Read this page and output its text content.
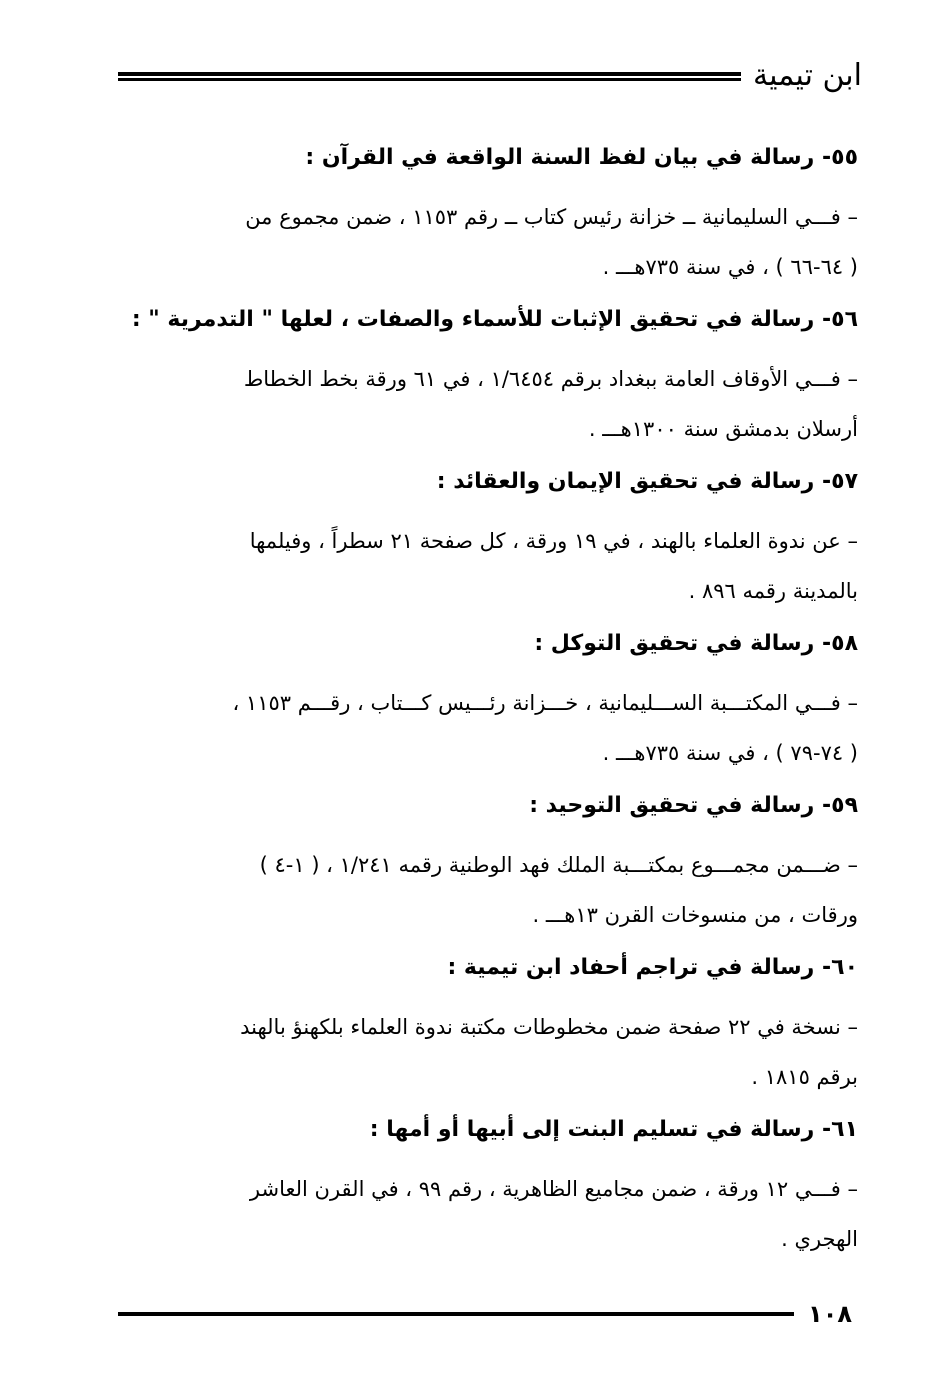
ابن تيمية
٥٥- رسالة في بيان لفظ السنة الواقعة في القرآن :

– فـــي السليمانية ــ خزانة رئيس كتاب ــ رقم ١١٥٣ ، ضمن مجموع من

( ٦٤-٦٦ ) ، في سنة ٧٣٥هـــ .

٥٦- رسالة في تحقيق الإثبات للأسماء والصفات ، لعلها " التدمرية " :

– فـــي الأوقاف العامة ببغداد برقم ١/٦٤٥٤ ، في ٦١ ورقة بخط الخطاط

أرسلان بدمشق سنة ١٣٠٠هـــ .

٥٧- رسالة في تحقيق الإيمان والعقائد :

– عن ندوة العلماء بالهند ، في ١٩ ورقة ، كل صفحة ٢١ سطراً ، وفيلمها

بالمدينة رقمه ٨٩٦ .

٥٨- رسالة في تحقيق التوكل :

– فـــي المكتـــبة الســـليمانية ، خـــزانة رئـــيس كـــتاب ، رقـــم ١١٥٣ ،

( ٧٤-٧٩ ) ، في سنة ٧٣٥هـــ .

٥٩- رسالة في تحقيق التوحيد :

– ضـــمن مجمـــوع بمكتـــبة الملك فهد الوطنية رقمه ١/٢٤١ ، ( ١-٤ )

ورقات ، من منسوخات القرن ١٣هـــ .

٦٠- رسالة في تراجم أحفاد ابن تيمية :

– نسخة في ٢٢ صفحة ضمن مخطوطات مكتبة ندوة العلماء بلكهنؤ بالهند

برقم ١٨١٥ .

٦١- رسالة في تسليم البنت إلى أبيها أو أمها :

– فـــي ١٢ ورقة ، ضمن مجاميع الظاهرية ، رقم ٩٩ ، في القرن العاشر

الهجري .

١٠٨
